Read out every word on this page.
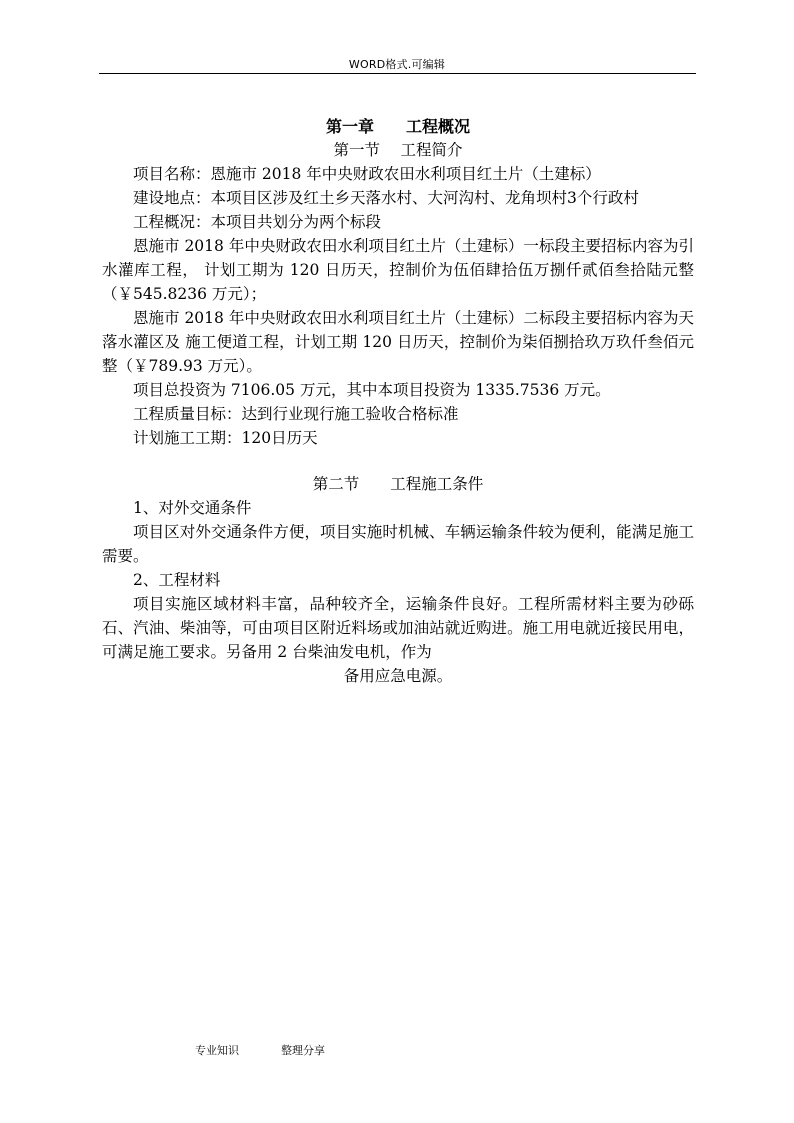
WORD格式.可编辑

第一章　　工程概况

第一节　 工程简介

项目名称：恩施市 2018 年中央财政农田水利项目红土片（土建标）

建设地点：本项目区涉及红土乡天落水村、大河沟村、龙角坝村3个行政村

工程概况：本项目共划分为两个标段

恩施市 2018 年中央财政农田水利项目红土片（土建标）一标段主要招标内容为引水灌库工程， 计划工期为 120 日历天，控制价为伍佰肆拾伍万捌仟贰佰叁拾陆元整（￥545.8236 万元）；

恩施市 2018 年中央财政农田水利项目红土片（土建标）二标段主要招标内容为天落水灌区及 施工便道工程，计划工期 120 日历天，控制价为柒佰捌拾玖万玖仟叁佰元整（￥789.93 万元）。

项目总投资为 7106.05 万元，其中本项目投资为 1335.7536 万元。

工程质量目标：达到行业现行施工验收合格标准

计划施工工期：120日历天

第二节　　工程施工条件

1、对外交通条件

项目区对外交通条件方便，项目实施时机械、车辆运输条件较为便利，能满足施工需要。

2、工程材料

项目实施区域材料丰富，品种较齐全，运输条件良好。工程所需材料主要为砂砾石、汽油、柴油等，可由项目区附近料场或加油站就近购进。施工用电就近接民用电，可满足施工要求。另备用 2 台柴油发电机，作为

备用应急电源。

专业知识	整理分享
